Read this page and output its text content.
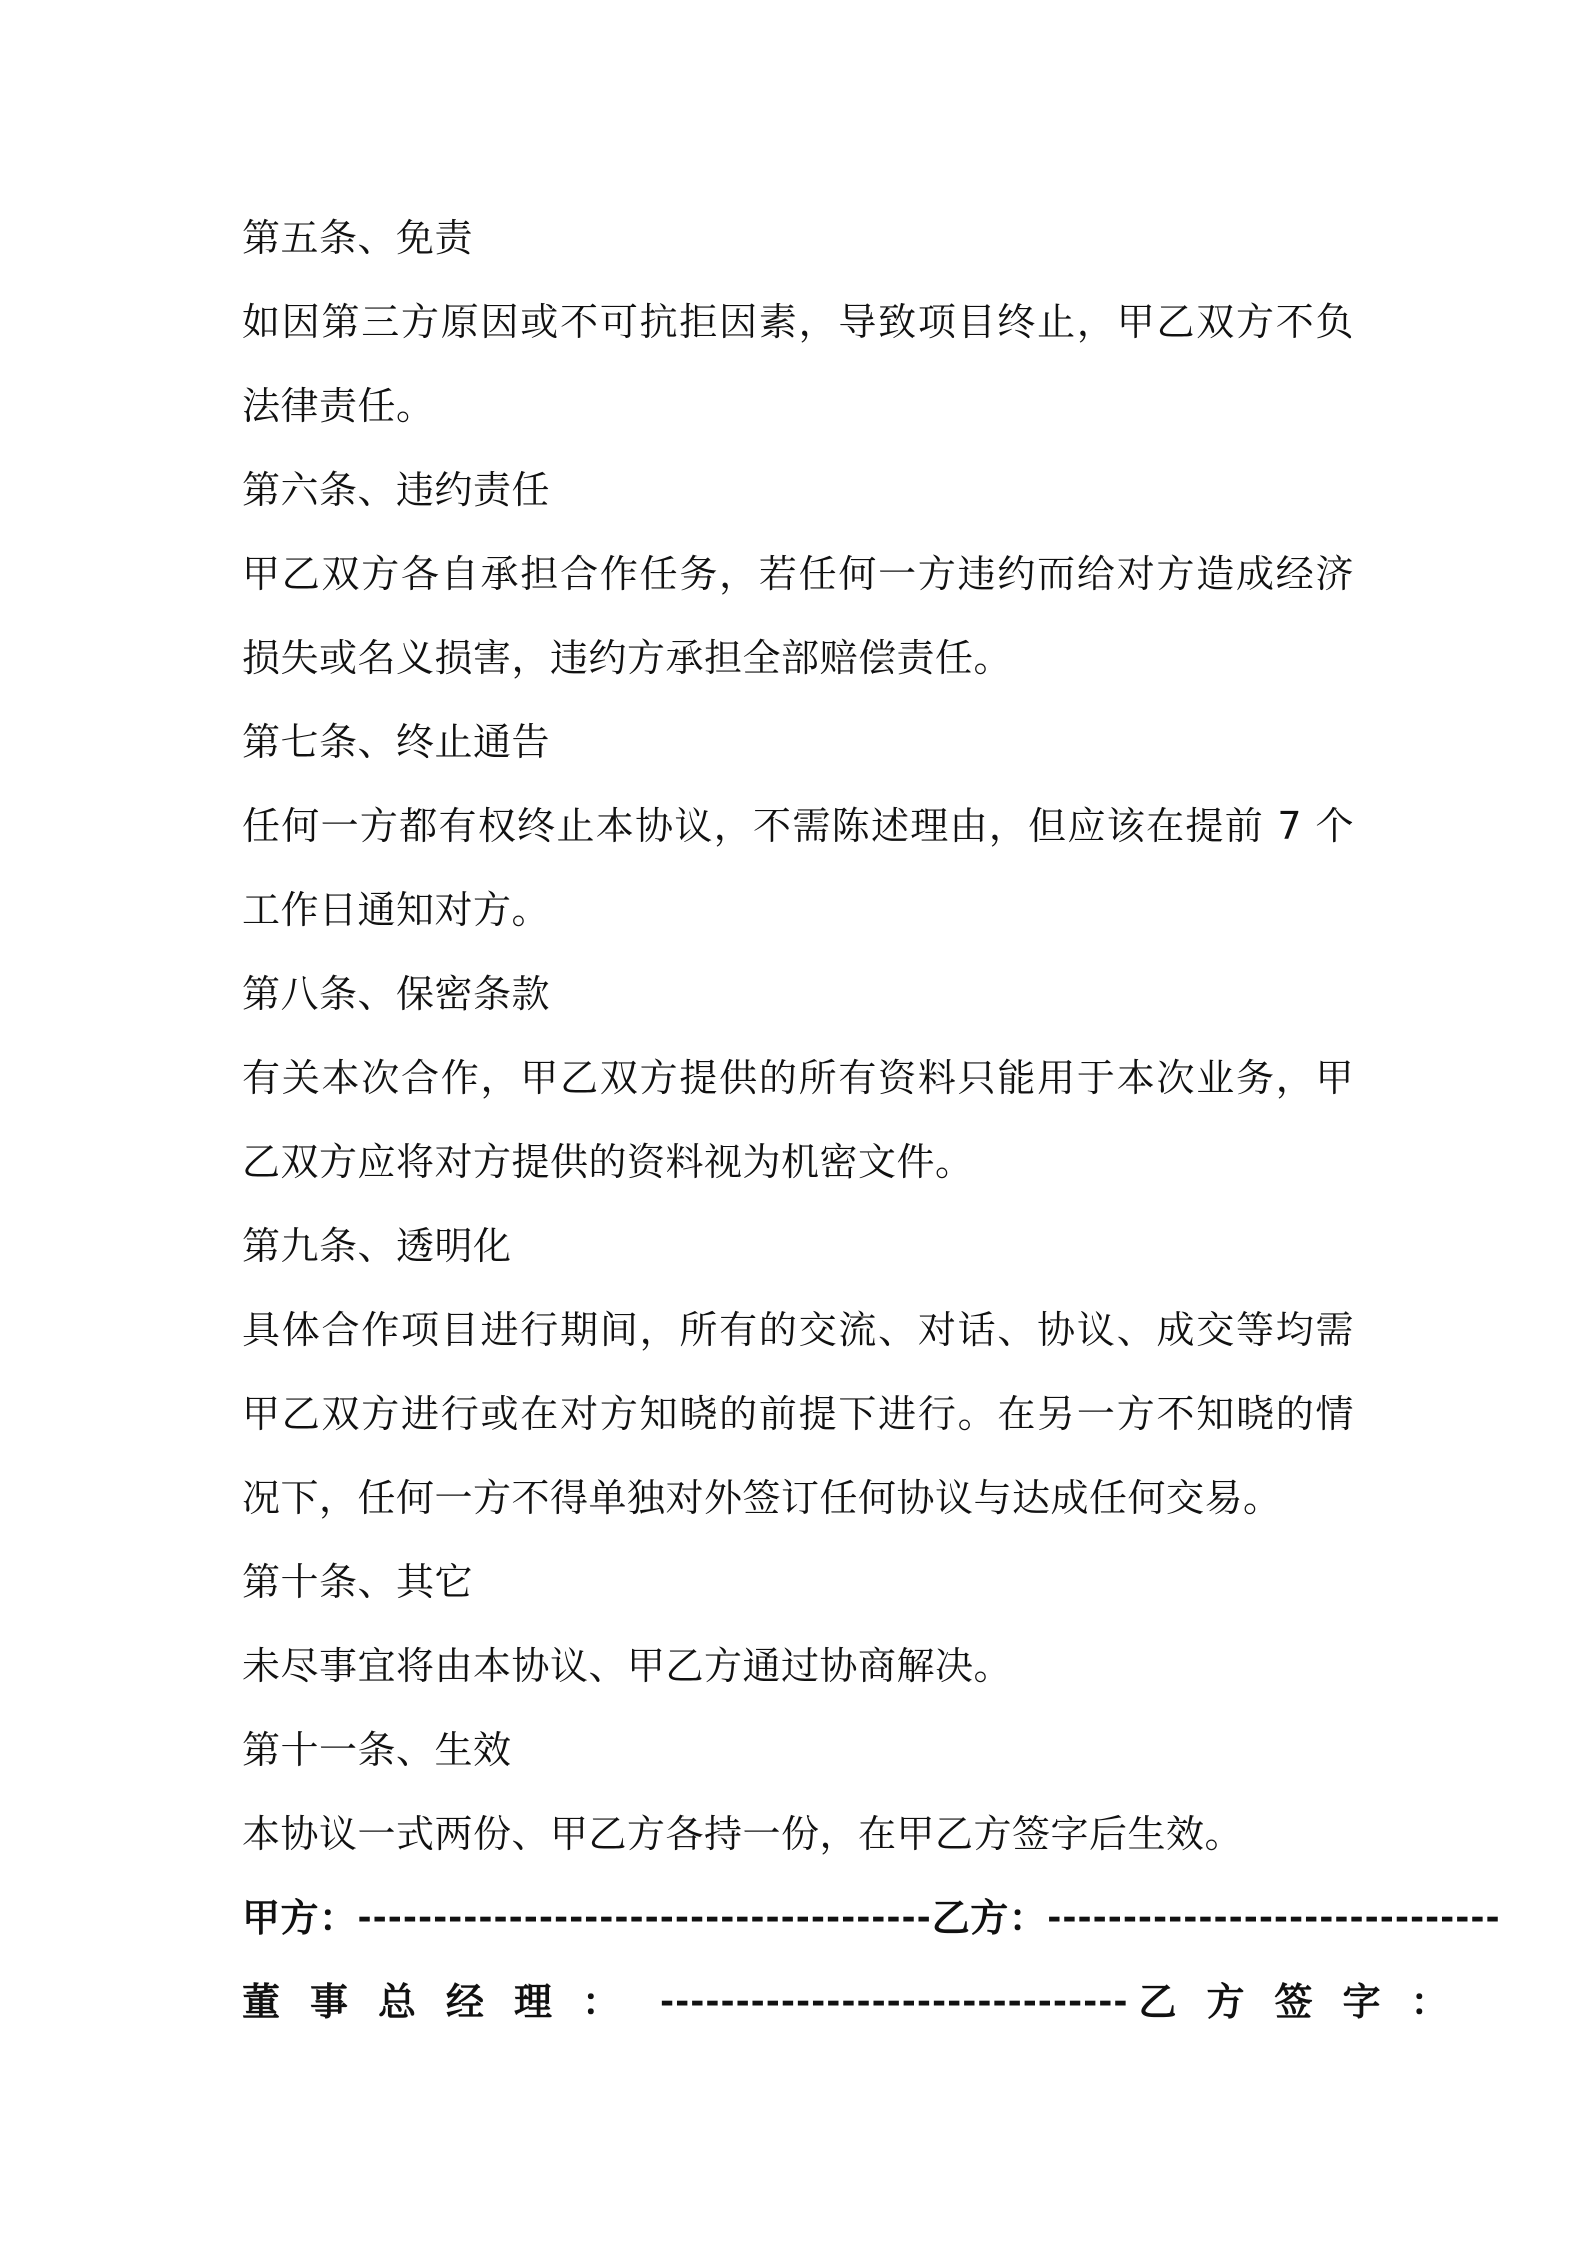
第五条、免责
如因第三方原因或不可抗拒因素，导致项目终止，甲乙双方不负
法律责任。
第六条、违约责任
甲乙双方各自承担合作任务，若任何一方违约而给对方造成经济
损失或名义损害，违约方承担全部赔偿责任。
第七条、终止通告
任何一方都有权终止本协议，不需陈述理由，但应该在提前 7 个
工作日通知对方。
第八条、保密条款
有关本次合作，甲乙双方提供的所有资料只能用于本次业务，甲
乙双方应将对方提供的资料视为机密文件。
第九条、透明化
具体合作项目进行期间，所有的交流、对话、协议、成交等均需
甲乙双方进行或在对方知晓的前提下进行。在另一方不知晓的情
况下，任何一方不得单独对外签订任何协议与达成任何交易。
第十条、其它
未尽事宜将由本协议、甲乙方通过协商解决。
第十一条、生效
本协议一式两份、甲乙方各持一份，在甲乙方签字后生效。
甲方： -------------------------------------- 乙方： ------------------------------
董事总经理： ------------------------------- 乙方签字：
